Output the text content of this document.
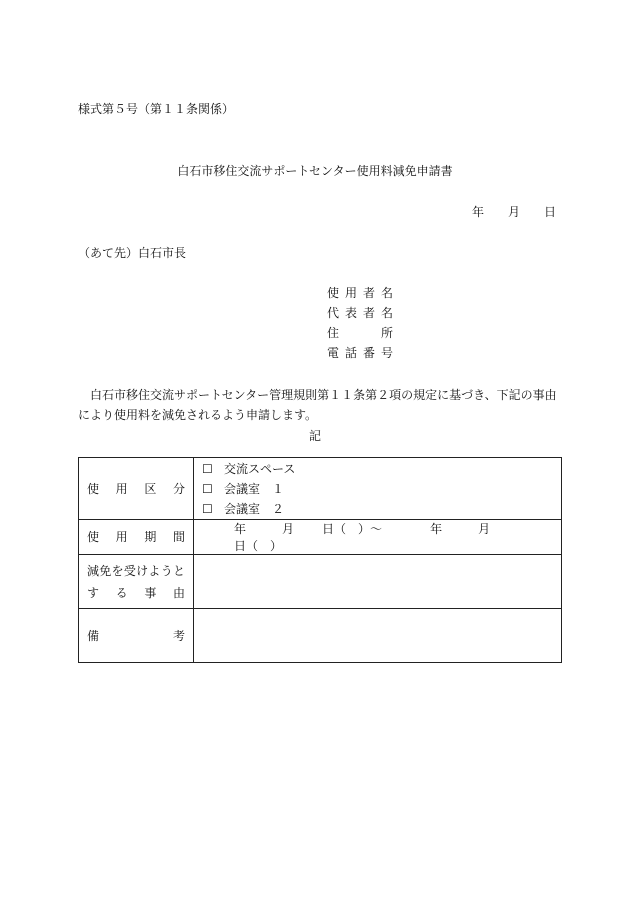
様式第５号（第１１条関係）
白石市移住交流サポートセンター使用料減免申請書
年 月 日
（あて先）白石市長
使用者名
代表者名
住所
電話番号
白石市移住交流サポートセンター管理規則第１１条第２項の規定に基づき、下記の事由により使用料を減免されるよう申請します。
記
使用区分	☐ 交流スペース
☐ 会議室　１
☐ 会議室　２

使用期間	年 月 日（　）～ 年 月日（　）

減免を受けようと
する事由	

備考	
